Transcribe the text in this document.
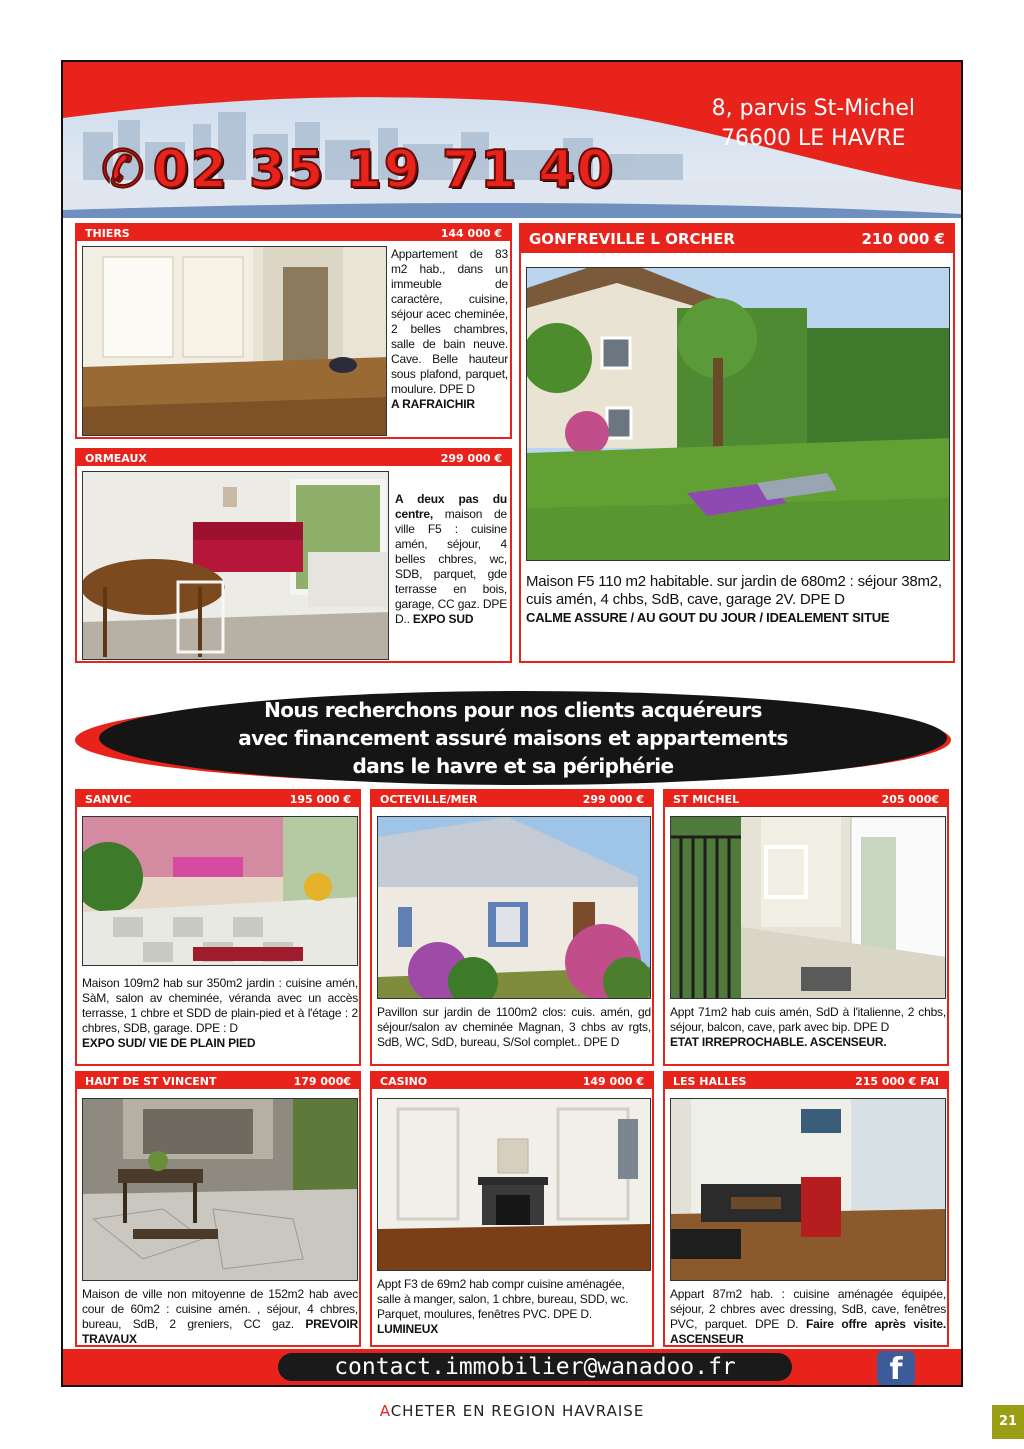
✆ 02 35 19 71 40
8, parvis St-Michel
76600 LE HAVRE
THIERS	144 000 €
Appartement de 83 m2 hab., dans un immeuble de caractère, cuisine, séjour acec cheminée, 2 belles chambres, salle de bain neuve. Cave. Belle hauteur sous plafond, parquet, moulure. DPE D
A RAFRAICHIR
ORMEAUX	299 000 €
A deux pas du centre, maison de ville F5 : cuisine amén, séjour, 4 belles chbres, wc, SDB, parquet, gde terrasse en bois, garage, CC gaz. DPE D.. EXPO SUD
GONFREVILLE L ORCHER	210 000 €
Maison F5 110 m2 habitable. sur jardin de 680m2 : séjour 38m2, cuis amén, 4 chbs, SdB, cave, garage 2V. DPE D
CALME ASSURE / AU GOUT DU JOUR / IDEALEMENT SITUE
Nous recherchons pour nos clients acquéreurs
avec financement assuré maisons et appartements
dans le havre et sa périphérie
SANVIC	195 000 €
Maison 109m2 hab sur 350m2 jardin : cuisine amén, SàM, salon av cheminée, véranda avec un accès terrasse, 1 chbre et SDD de plain-pied et à l'étage : 2 chbres, SDB, garage. DPE : D
EXPO SUD/ VIE DE PLAIN PIED
OCTEVILLE/MER	299 000 €
Pavillon sur jardin de 1100m2 clos: cuis. amén, gd séjour/salon av cheminée Magnan, 3 chbs av rgts, SdB, WC, SdD, bureau, S/Sol complet.. DPE D
ST MICHEL	205 000€
Appt 71m2 hab cuis amén, SdD à l'italienne, 2 chbs, séjour, balcon, cave, park avec bip. DPE D
ETAT IRREPROCHABLE. ASCENSEUR.
HAUT DE ST VINCENT	179 000€
Maison de ville non mitoyenne de 152m2 hab avec cour de 60m2 : cuisine amén. , séjour, 4 chbres, bureau, SdB, 2 greniers, CC gaz. PREVOIR TRAVAUX
CASINO	149 000 €
Appt F3 de 69m2 hab compr cuisine aménagée, salle à manger, salon, 1 chbre, bureau, SDD, wc. Parquet, moulures, fenêtres PVC. DPE D.
LUMINEUX
LES HALLES	215 000 € FAI
Appart 87m2 hab. : cuisine aménagée équipée, séjour, 2 chbres avec dressing, SdB, cave, fenêtres PVC, parquet. DPE D. Faire offre après visite. ASCENSEUR
contact.immobilier@wanadoo.fr	f
ACHETER EN REGION HAVRAISE
21
